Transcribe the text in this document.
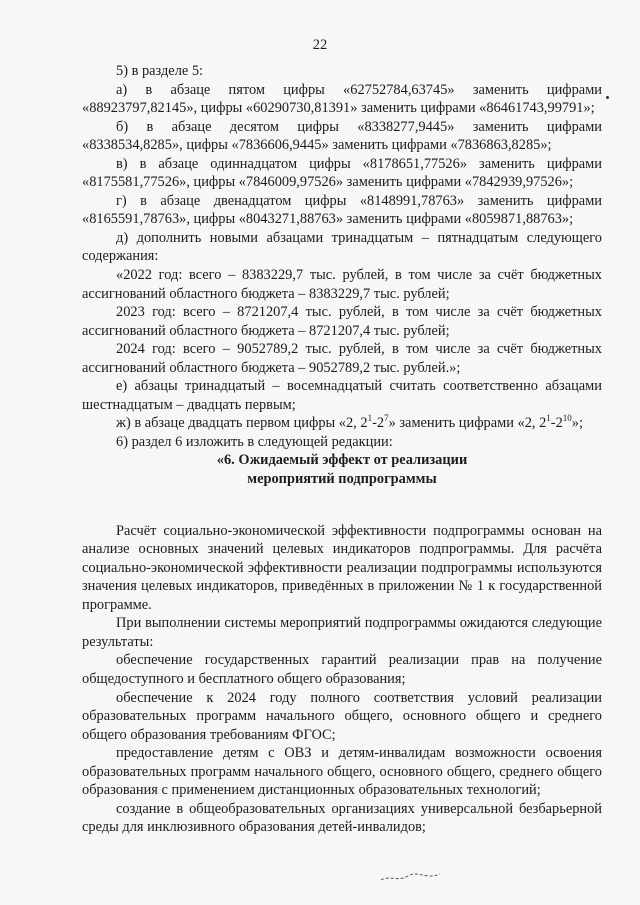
22

5) в разделе 5:

а) в абзаце пятом цифры «62752784,63745» заменить цифрами «88923797,82145», цифры «60290730,81391» заменить цифрами «86461743,99791»;

б) в абзаце десятом цифры «8338277,9445» заменить цифрами «8338534,8285», цифры «7836606,9445» заменить цифрами «7836863,8285»;

в) в абзаце одиннадцатом цифры «8178651,77526» заменить цифрами «8175581,77526», цифры «7846009,97526» заменить цифрами «7842939,97526»;

г) в абзаце двенадцатом цифры «8148991,78763» заменить цифрами «8165591,78763», цифры «8043271,88763» заменить цифрами «8059871,88763»;

д) дополнить новыми абзацами тринадцатым – пятнадцатым следующего содержания:

«2022 год: всего – 8383229,7 тыс. рублей, в том числе за счёт бюджетных ассигнований областного бюджета – 8383229,7 тыс. рублей;

2023 год: всего – 8721207,4 тыс. рублей, в том числе за счёт бюджетных ассигнований областного бюджета – 8721207,4 тыс. рублей;

2024 год: всего – 9052789,2 тыс. рублей, в том числе за счёт бюджетных ассигнований областного бюджета – 9052789,2 тыс. рублей.»;

е) абзацы тринадцатый – восемнадцатый считать соответственно абзацами шестнадцатым – двадцать первым;

ж) в абзаце двадцать первом цифры «2, $2^1-2^7$» заменить цифрами «2, $2^1-2^{10}$»;

6) раздел 6 изложить в следующей редакции:

«6. Ожидаемый эффект от реализации

мероприятий подпрограммы

Расчёт социально-экономической эффективности подпрограммы основан на анализе основных значений целевых индикаторов подпрограммы. Для расчёта социально-экономической эффективности реализации подпрограммы используются значения целевых индикаторов, приведённых в приложении № 1 к государственной программе.

При выполнении системы мероприятий подпрограммы ожидаются следующие результаты:

обеспечение государственных гарантий реализации прав на получение общедоступного и бесплатного общего образования;

обеспечение к 2024 году полного соответствия условий реализации образовательных программ начального общего, основного общего и среднего общего образования требованиям ФГОС;

предоставление детям с ОВЗ и детям-инвалидам возможности освоения образовательных программ начального общего, основного общего, среднего общего образования с применением дистанционных образовательных технологий;

создание в общеобразовательных организациях универсальной безбарьерной среды для инклюзивного образования детей-инвалидов;
